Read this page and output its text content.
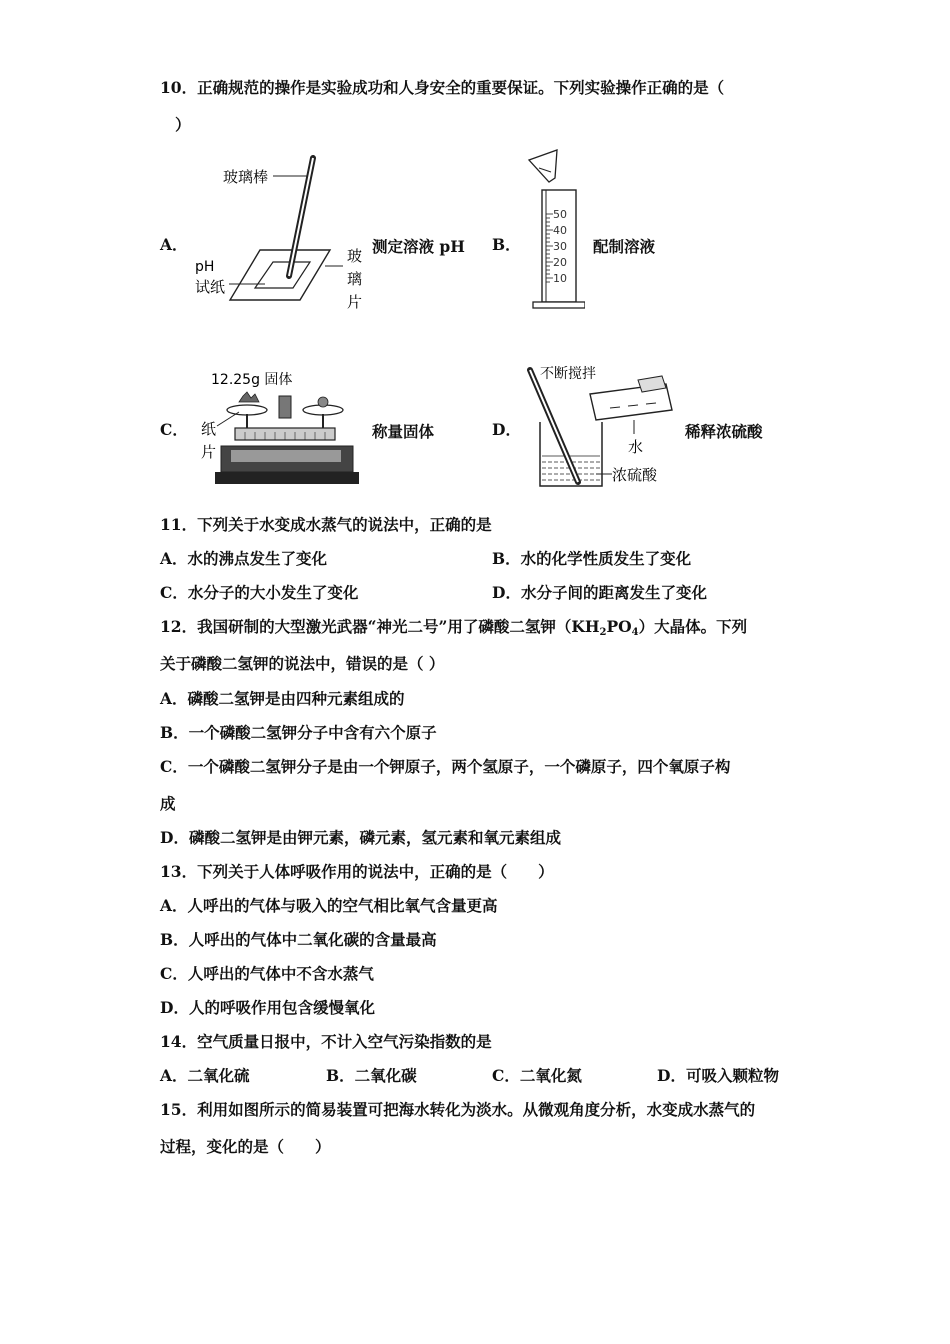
10．正确规范的操作是实验成功和人身安全的重要保证。下列实验操作正确的是（
）
A．
玻璃棒
pH
试纸
玻
璃
片
测定溶液 pH B．
50
40
30
20
10
配制溶液
C．
12.25g 固体
纸
片
称量固体	D．
不断搅拌
水
浓硫酸
稀释浓硫酸
11．下列关于水变成水蒸气的说法中，正确的是
A．水的沸点发生了变化	B．水的化学性质发生了变化
C．水分子的大小发生了变化	D．水分子间的距离发生了变化
12．我国研制的大型激光武器“神光二号”用了磷酸二氢钾$(KH_2PO_4)$大晶体。下列
关于磷酸二氢钾的说法中，错误的是（ ）
A．磷酸二氢钾是由四种元素组成的
B．一个磷酸二氢钾分子中含有六个原子
C．一个磷酸二氢钾分子是由一个钾原子，两个氢原子，一个磷原子，四个氧原子构
成
D．磷酸二氢钾是由钾元素，磷元素，氢元素和氧元素组成
13．下列关于人体呼吸作用的说法中，正确的是（　　）
A．人呼出的气体与吸入的空气相比氧气含量更高
B．人呼出的气体中二氧化碳的含量最高
C．人呼出的气体中不含水蒸气
D．人的呼吸作用包含缓慢氧化
14．空气质量日报中，不计入空气污染指数的是
A．二氧化硫	B．二氧化碳	C．二氧化氮	D．可吸入颗粒物
15．利用如图所示的简易装置可把海水转化为淡水。从微观角度分析，水变成水蒸气的
过程，变化的是（　　）
